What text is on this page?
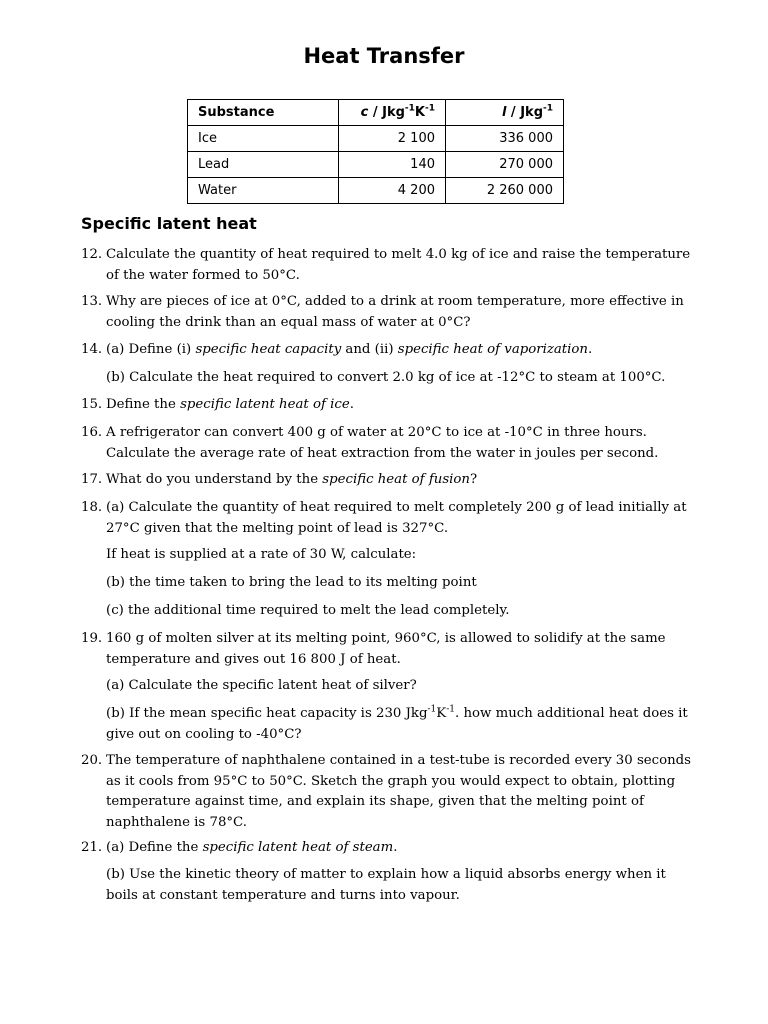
Heat Transfer
Substance	c / $Jkg^{-1}K^{-1}$	l / Jkg$^{-1}$
Ice	2 100	336 000
Lead	140	270 000
Water	4 200	2 260 000
Specific latent heat

12. Calculate the quantity of heat required to melt 4.0 kg of ice and raise the temperature
of the water formed to 50°C.

13. Why are pieces of ice at 0°C, added to a drink at room temperature, more effective in
cooling the drink than an equal mass of water at 0°C?

14. (a) Define (i) specific heat capacity and (ii) specific heat of vaporization.

(b) Calculate the heat required to convert 2.0 kg of ice at -12°C to steam at 100°C.

15. Define the specific latent heat of ice.

16. A refrigerator can convert 400 g of water at 20°C to ice at -10°C in three hours.
Calculate the average rate of heat extraction from the water in joules per second.

17. What do you understand by the specific heat of fusion?

18. (a) Calculate the quantity of heat required to melt completely 200 g of lead initially at
27°C given that the melting point of lead is 327°C.

If heat is supplied at a rate of 30 W, calculate:

(b) the time taken to bring the lead to its melting point

(c) the additional time required to melt the lead completely.

19. 160 g of molten silver at its melting point, 960°C, is allowed to solidify at the same
temperature and gives out 16 800 J of heat.

(a) Calculate the specific latent heat of silver?

(b) If the mean specific heat capacity is 230 $Jkg^{-1}K^{-1}$. how much additional heat does it
give out on cooling to -40°C?

20. The temperature of naphthalene contained in a test-tube is recorded every 30 seconds
as it cools from 95°C to 50°C. Sketch the graph you would expect to obtain, plotting
temperature against time, and explain its shape, given that the melting point of
naphthalene is 78°C.

21. (a) Define the specific latent heat of steam.

(b) Use the kinetic theory of matter to explain how a liquid absorbs energy when it
boils at constant temperature and turns into vapour.
